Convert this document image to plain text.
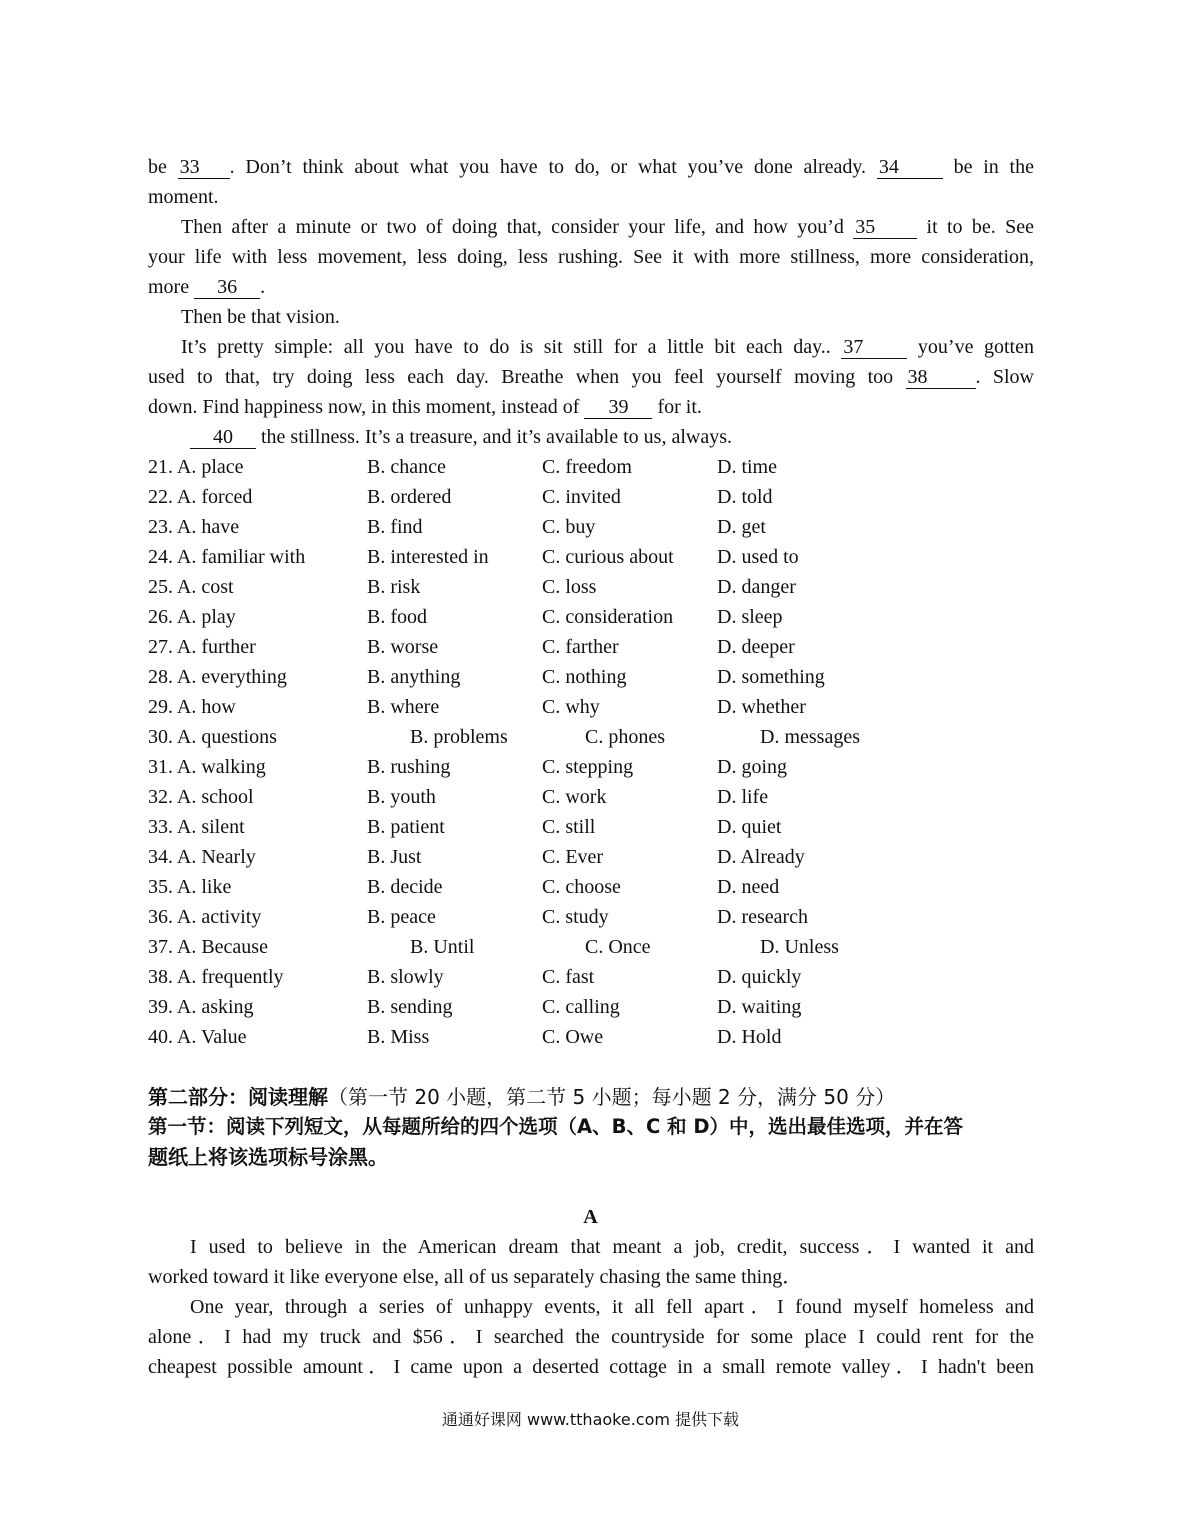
be 33 . Don’t think about what you have to do, or what you’ve done already. 34 be in the
moment.
Then after a minute or two of doing that, consider your life, and how you’d 35 it to be. See
your life with less movement, less doing, less rushing. See it with more stillness, more consideration,
more 36 .
Then be that vision.
It’s pretty simple: all you have to do is sit still for a little bit each day.. 37 you’ve gotten
used to that, try doing less each day. Breathe when you feel yourself moving too 38 . Slow
down. Find happiness now, in this moment, instead of 39 for it.
40 the stillness. It’s a treasure, and it’s available to us, always.
21. A. place	B. chance	C. freedom	D. time
22. A. forced	B. ordered	C. invited	D. told
23. A. have	B. find	C. buy	D. get
24. A. familiar with	B. interested in	C. curious about D. used to
25. A. cost	B. risk	C. loss	D. danger
26. A. play	B. food	C. consideration D. sleep
27. A. further	B. worse	C. farther	D. deeper
28. A. everything	B. anything	C. nothing	D. something
29. A. how	B. where	C. why	D. whether
30. A. questions	B. problems	C. phones	D. messages
31. A. walking	B. rushing	C. stepping	D. going
32. A. school	B. youth	C. work	D. life
33. A. silent	B. patient	C. still	D. quiet
34. A. Nearly	B. Just	C. Ever	D. Already
35. A. like	B. decide	C. choose	D. need
36. A. activity	B. peace	C. study	D. research
37. A. Because	B. Until	C. Once	D. Unless
38. A. frequently	B. slowly	C. fast	D. quickly
39. A. asking	B. sending	C. calling	D. waiting
40. A. Value	B. Miss	C. Owe	D. Hold
第二部分：阅读理解（第一节 20 小题，第二节 5 小题；每小题 2 分，满分 50 分）
第一节：阅读下列短文，从每题所给的四个选项（A、B、C 和 D）中，选出最佳选项，并在答
题纸上将该选项标号涂黑。
A
I used to believe in the American dream that meant a job, credit, success．I wanted it and
worked toward it like everyone else, all of us separately chasing the same thing．
One year, through a series of unhappy events, it all fell apart．I found myself homeless and
alone．I had my truck and $56．I searched the countryside for some place I could rent for the
cheapest possible amount．I came upon a deserted cottage in a small remote valley．I hadn't been
通通好课网 www.tthaoke.com 提供下载
